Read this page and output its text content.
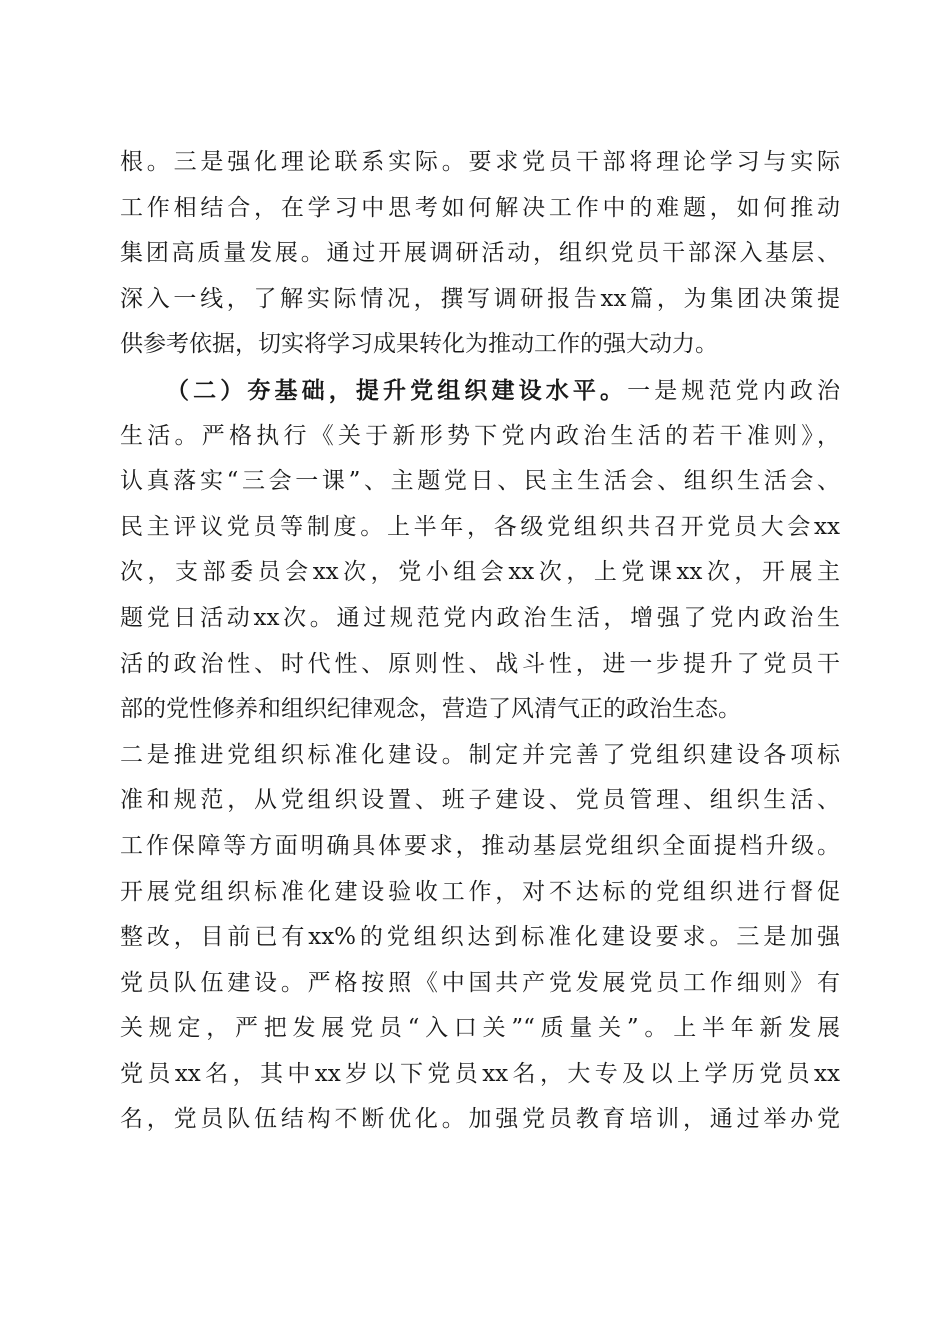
根。三是强化理论联系实际。要求党员干部将理论学习与实际
工作相结合，在学习中思考如何解决工作中的难题，如何推动
集团高质量发展。通过开展调研活动，组织党员干部深入基层、
深入一线，了解实际情况，撰写调研报告xx篇，为集团决策提
供参考依据，切实将学习成果转化为推动工作的强大动力。
（二）夯基础，提升党组织建设水平。一是规范党内政治
生活。严格执行《关于新形势下党内政治生活的若干准则》，
认真落实“三会一课”、主题党日、民主生活会、组织生活会、
民主评议党员等制度。上半年，各级党组织共召开党员大会xx
次，支部委员会xx次，党小组会xx次，上党课xx次，开展主
题党日活动xx次。通过规范党内政治生活，增强了党内政治生
活的政治性、时代性、原则性、战斗性，进一步提升了党员干
部的党性修养和组织纪律观念，营造了风清气正的政治生态。
二是推进党组织标准化建设。制定并完善了党组织建设各项标
准和规范，从党组织设置、班子建设、党员管理、组织生活、
工作保障等方面明确具体要求，推动基层党组织全面提档升级。
开展党组织标准化建设验收工作，对不达标的党组织进行督促
整改，目前已有xx%的党组织达到标准化建设要求。三是加强
党员队伍建设。严格按照《中国共产党发展党员工作细则》有
关规定，严把发展党员“入口关”“质量关”。上半年新发展
党员xx名，其中xx岁以下党员xx名，大专及以上学历党员xx
名，党员队伍结构不断优化。加强党员教育培训，通过举办党
